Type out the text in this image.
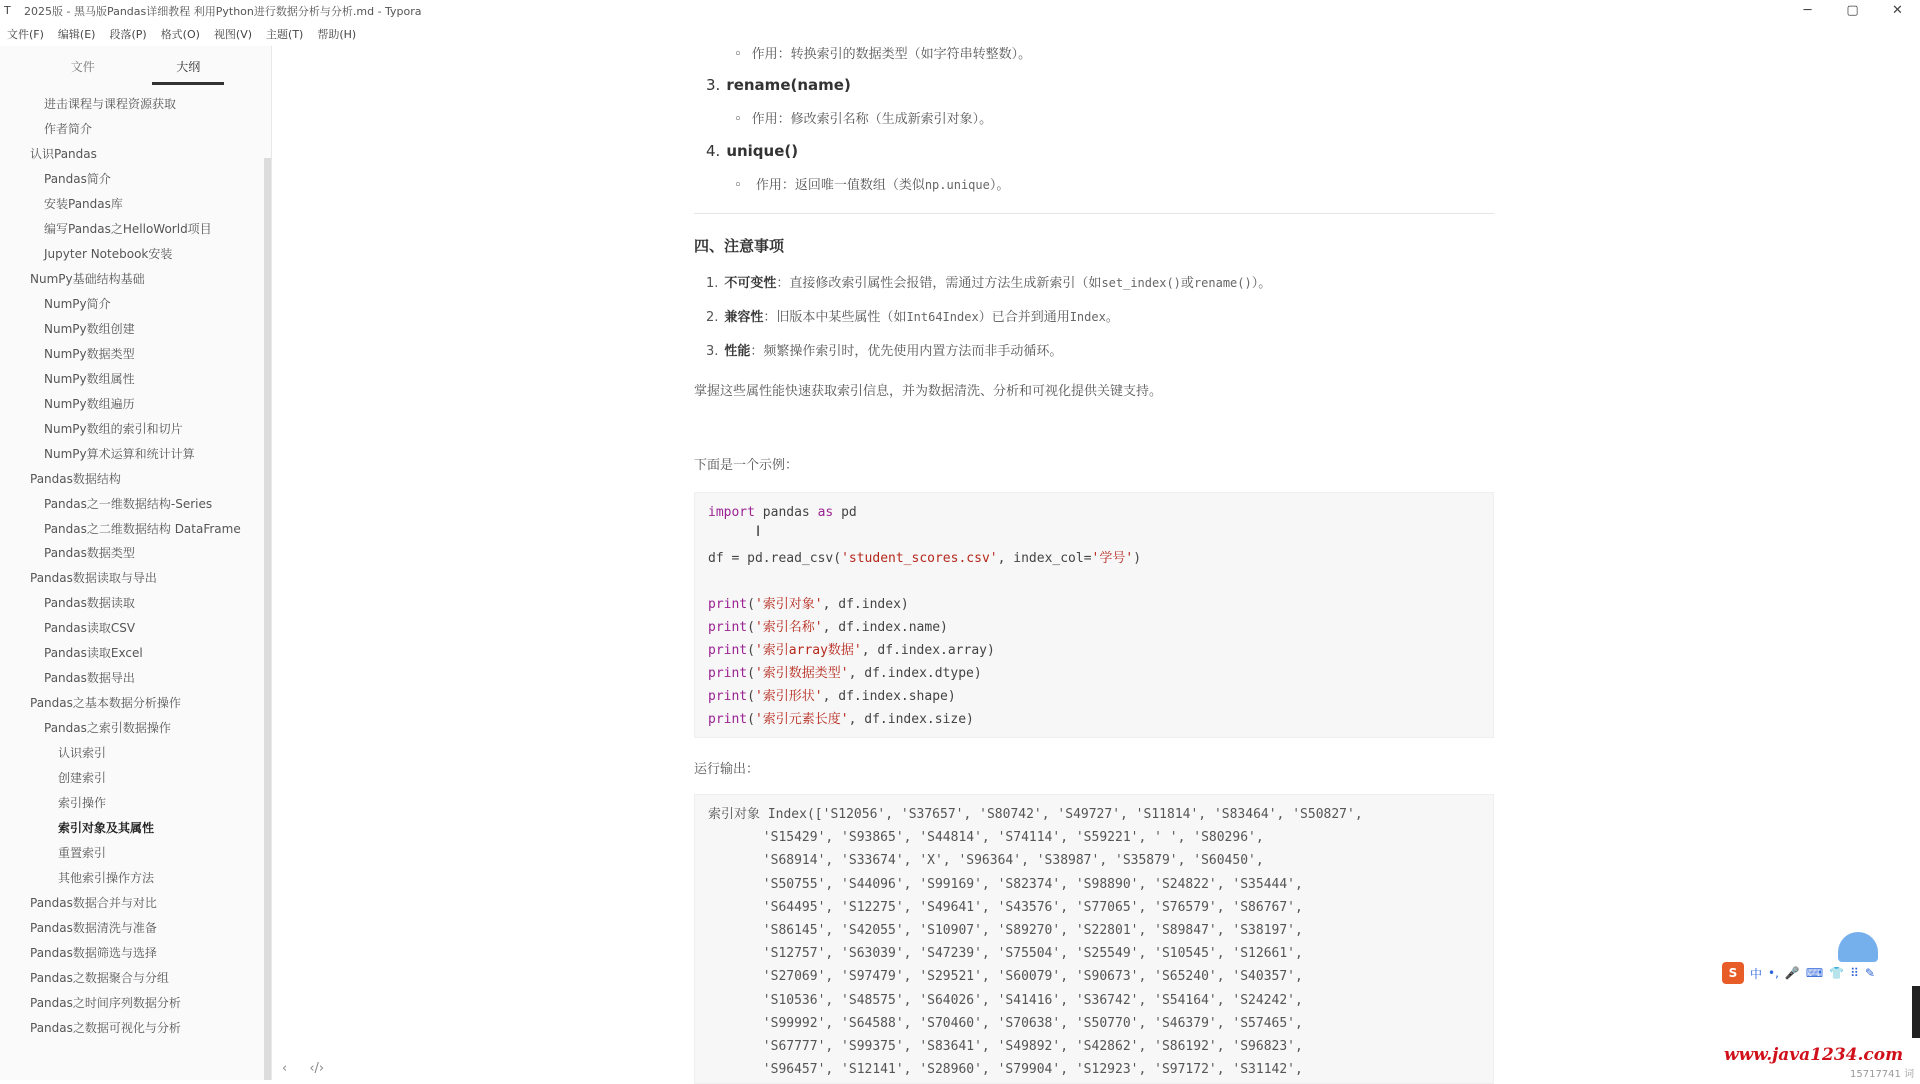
T	2025版 - 黑马版Pandas详细教程 利用Python进行数据分析与分析.md - Typora	─	▢	✕
文件(F)	编辑(E)	段落(P)	格式(O)	视图(V)	主题(T)	帮助(H)
文件	大纲
进击课程与课程资源获取
作者简介
认识Pandas
Pandas简介
安装Pandas库
编写Pandas之HelloWorld项目
Jupyter Notebook安装
NumPy基础结构基础
NumPy简介
NumPy数组创建
NumPy数据类型
NumPy数组属性
NumPy数组遍历
NumPy数组的索引和切片
NumPy算术运算和统计计算
Pandas数据结构
Pandas之一维数据结构-Series
Pandas之二维数据结构 DataFrame
Pandas数据类型
Pandas数据读取与导出
Pandas数据读取
Pandas读取CSV
Pandas读取Excel
Pandas数据导出
Pandas之基本数据分析操作
Pandas之索引数据操作
认识索引
创建索引
索引操作
索引对象及其属性
重置索引
其他索引操作方法
Pandas数据合并与对比
Pandas数据清洗与准备
Pandas数据筛选与选择
Pandas之数据聚合与分组
Pandas之时间序列数据分析
Pandas之数据可视化与分析
‹ ‹/›
◦ 作用：转换索引的数据类型（如字符串转整数）。
3. rename(name)
◦ 作用：修改索引名称（生成新索引对象）。
4. unique()
◦ 作用：返回唯一值数组（类似np.unique）。
四、注意事项
1. 不可变性：直接修改索引属性会报错，需通过方法生成新索引（如set_index()或rename()）。
2. 兼容性：旧版本中某些属性（如Int64Index）已合并到通用Index。
3. 性能：频繁操作索引时，优先使用内置方法而非手动循环。
掌握这些属性能快速获取索引信息，并为数据清洗、分析和可视化提供关键支持。
下面是一个示例：
import pandas as pd

df = pd.read_csv('student_scores.csv', index_col='学号')

print('索引对象', df.index)
print('索引名称', df.index.name)
print('索引array数据', df.index.array)
print('索引数据类型', df.index.dtype)
print('索引形状', df.index.shape)
print('索引元素长度', df.index.size)
运行输出：
索引对象 Index(['S12056', 'S37657', 'S80742', 'S49727', 'S11814', 'S83464', 'S50827',
'S15429', 'S93865', 'S44814', 'S74114', 'S59221', ' ', 'S80296',
'S68914', 'S33674', 'X', 'S96364', 'S38987', 'S35879', 'S60450',
'S50755', 'S44096', 'S99169', 'S82374', 'S98890', 'S24822', 'S35444',
'S64495', 'S12275', 'S49641', 'S43576', 'S77065', 'S76579', 'S86767',
'S86145', 'S42055', 'S10907', 'S89270', 'S22801', 'S89847', 'S38197',
'S12757', 'S63039', 'S47239', 'S75504', 'S25549', 'S10545', 'S12661',
'S27069', 'S97479', 'S29521', 'S60079', 'S90673', 'S65240', 'S40357',
'S10536', 'S48575', 'S64026', 'S41416', 'S36742', 'S54164', 'S24242',
'S99992', 'S64588', 'S70460', 'S70638', 'S50770', 'S46379', 'S57465',
'S67777', 'S99375', 'S83641', 'S49892', 'S42862', 'S86192', 'S96823',
'S96457', 'S12141', 'S28960', 'S79904', 'S12923', 'S97172', 'S31142',
I
S	中 •, 🎤 ⌨ 👕 ⠿ ✎
www.java1234.com
15717741 词
